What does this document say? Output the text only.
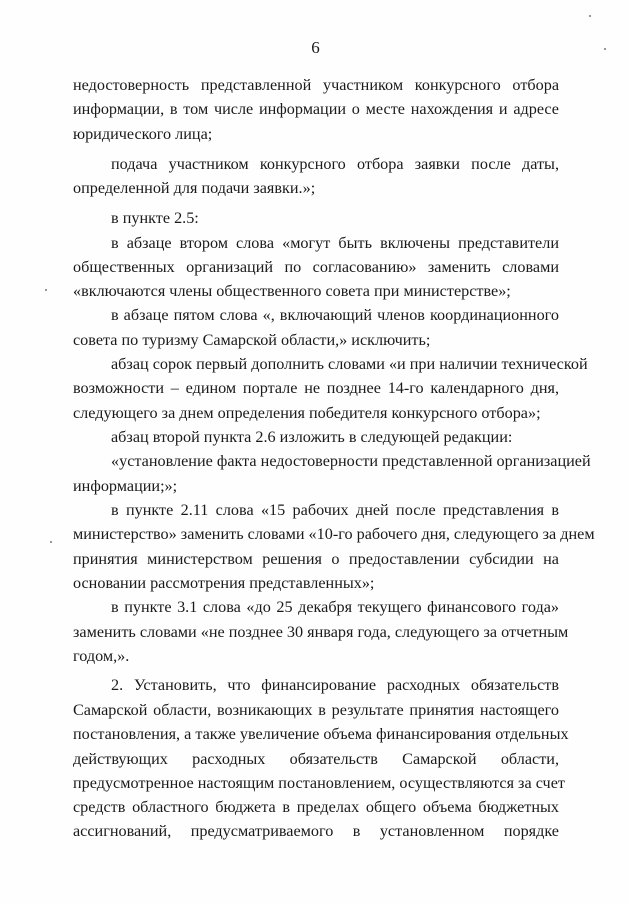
6
недостоверность представленной участником конкурсного отбора
информации, в том числе информации о месте нахождения и адресе
юридического лица;
подача участником конкурсного отбора заявки после даты,
определенной для подачи заявки.»;
в пункте 2.5:
в абзаце втором слова «могут быть включены представители
общественных организаций по согласованию» заменить словами
«включаются члены общественного совета при министерстве»;
в абзаце пятом слова «, включающий членов координационного
совета по туризму Самарской области,» исключить;
абзац сорок первый дополнить словами «и при наличии технической
возможности – едином портале не позднее 14-го календарного дня,
следующего за днем определения победителя конкурсного отбора»;
абзац второй пункта 2.6 изложить в следующей редакции:
«установление факта недостоверности представленной организацией
информации;»;
в пункте 2.11 слова «15 рабочих дней после представления в
министерство» заменить словами «10-го рабочего дня, следующего за днем
принятия министерством решения о предоставлении субсидии на
основании рассмотрения представленных»;
в пункте 3.1 слова «до 25 декабря текущего финансового года»
заменить словами «не позднее 30 января года, следующего за отчетным
годом,».
2. Установить, что финансирование расходных обязательств
Самарской области, возникающих в результате принятия настоящего
постановления, а также увеличение объема финансирования отдельных
действующих расходных обязательств Самарской области,
предусмотренное настоящим постановлением, осуществляются за счет
средств областного бюджета в пределах общего объема бюджетных
ассигнований, предусматриваемого в установленном порядке
